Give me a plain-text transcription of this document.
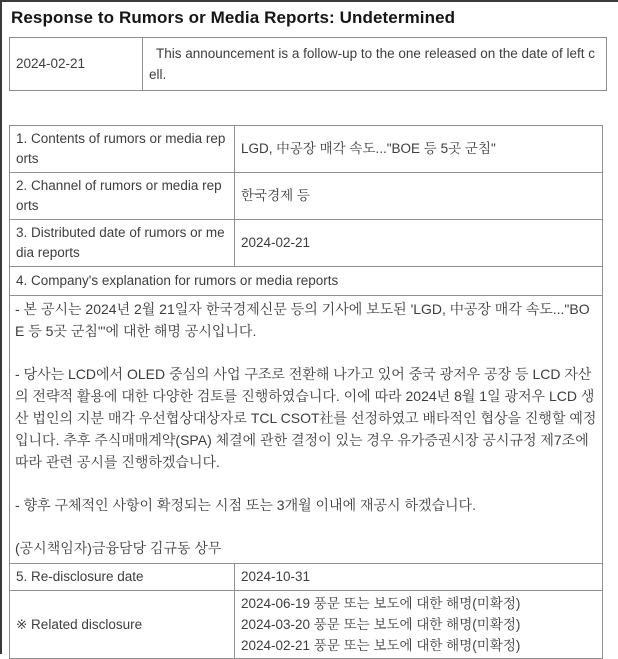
Response to Rumors or Media Reports: Undetermined
2024-02-21	This announcement is a follow-up to the one released on the date of left cell.
1. Contents of rumors or media reports	LGD, 中공장 매각 속도..."BOE 등 5곳 군침"
2. Channel of rumors or media reports	한국경제 등
3. Distributed date of rumors or media reports	2024-02-21
4. Company's explanation for rumors or media reports	

- 본 공시는 2024년 2월 21일자 한국경제신문 등의 기사에 보도된 'LGD, 中공장 매각 속도..."BOE 등 5곳 군침"'에 대한 해명 공시입니다.
- 당사는 LCD에서 OLED 중심의 사업 구조로 전환해 나가고 있어 중국 광저우 공장 등 LCD 자산의 전략적 활용에 대한 다양한 검토를 진행하였습니다. 이에 따라 2024년 8월 1일 광저우 LCD 생산 법인의 지분 매각 우선협상대상자로 TCL CSOT社를 선정하였고 배타적인 협상을 진행할 예정입니다. 추후 주식매매계약(SPA) 체결에 관한 결정이 있는 경우 유가증권시장 공시규정 제7조에 따라 관련 공시를 진행하겠습니다.
- 향후 구체적인 사항이 확정되는 시점 또는 3개월 이내에 재공시 하겠습니다.
(공시책임자)금융담당 김규동 상무	

5. Re-disclosure date	2024-10-31
※ Related disclosure	2024-06-19 풍문 또는 보도에 대한 해명(미확정)
2024-03-20 풍문 또는 보도에 대한 해명(미확정)
2024-02-21 풍문 또는 보도에 대한 해명(미확정)
